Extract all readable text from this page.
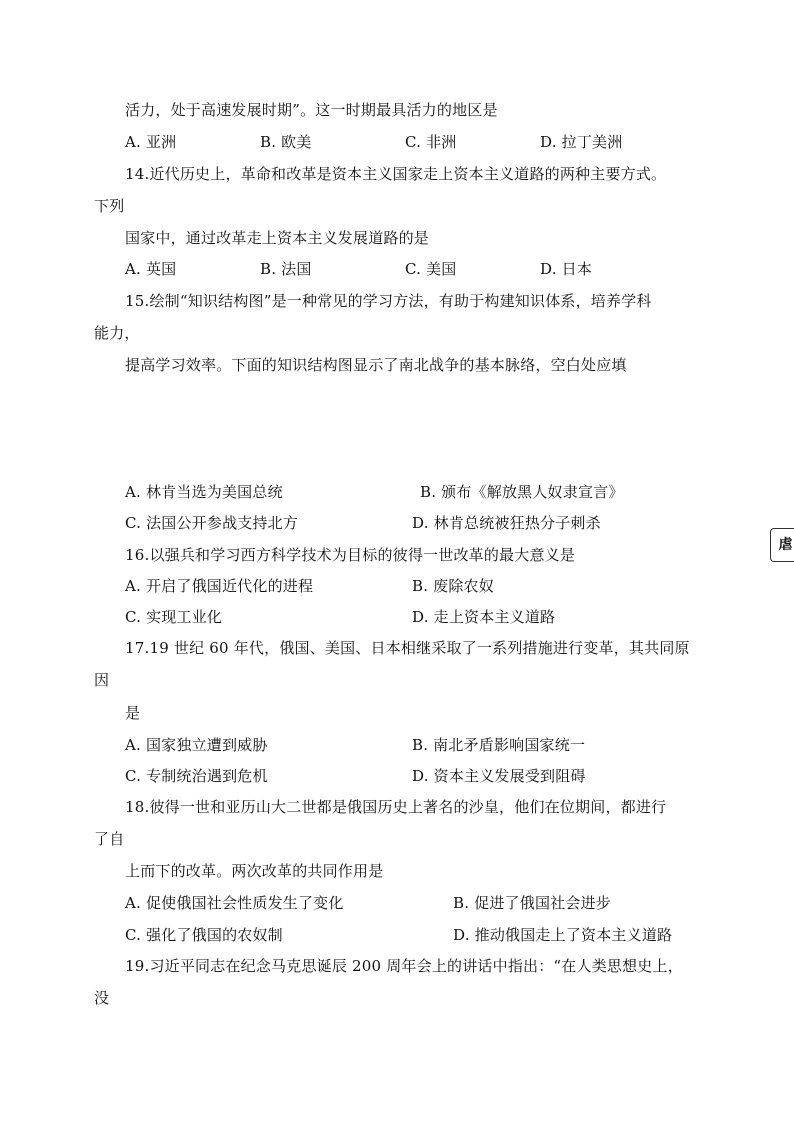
活力，处于高速发展时期”。这一时期最具活力的地区是
A. 亚洲	B. 欧美	C. 非洲	D. 拉丁美洲
14.近代历史上，革命和改革是资本主义国家走上资本主义道路的两种主要方式。
下列
国家中，通过改革走上资本主义发展道路的是
A. 英国	B. 法国	C. 美国	D. 日本
15.绘制“知识结构图”是一种常见的学习方法，有助于构建知识体系，培养学科
能力，
提高学习效率。下面的知识结构图显示了南北战争的基本脉络，空白处应填
A. 林肯当选为美国总统	B. 颁布《解放黑人奴隶宣言》
C. 法国公开参战支持北方	D. 林肯总统被狂热分子刺杀
16.以强兵和学习西方科学技术为目标的彼得一世改革的最大意义是
A. 开启了俄国近代化的进程	B. 废除农奴
C. 实现工业化	D. 走上资本主义道路
17.19 世纪 60 年代，俄国、美国、日本相继采取了一系列措施进行变革，其共同原
因
是
A. 国家独立遭到威胁	B. 南北矛盾影响国家统一
C. 专制统治遇到危机	D. 资本主义发展受到阻碍
18.彼得一世和亚历山大二世都是俄国历史上著名的沙皇，他们在位期间，都进行
了自
上而下的改革。两次改革的共同作用是
A. 促使俄国社会性质发生了变化	B. 促进了俄国社会进步
C. 强化了俄国的农奴制	D. 推动俄国走上了资本主义道路
19.习近平同志在纪念马克思诞辰 200 周年会上的讲话中指出：“在人类思想史上，
没
虐
